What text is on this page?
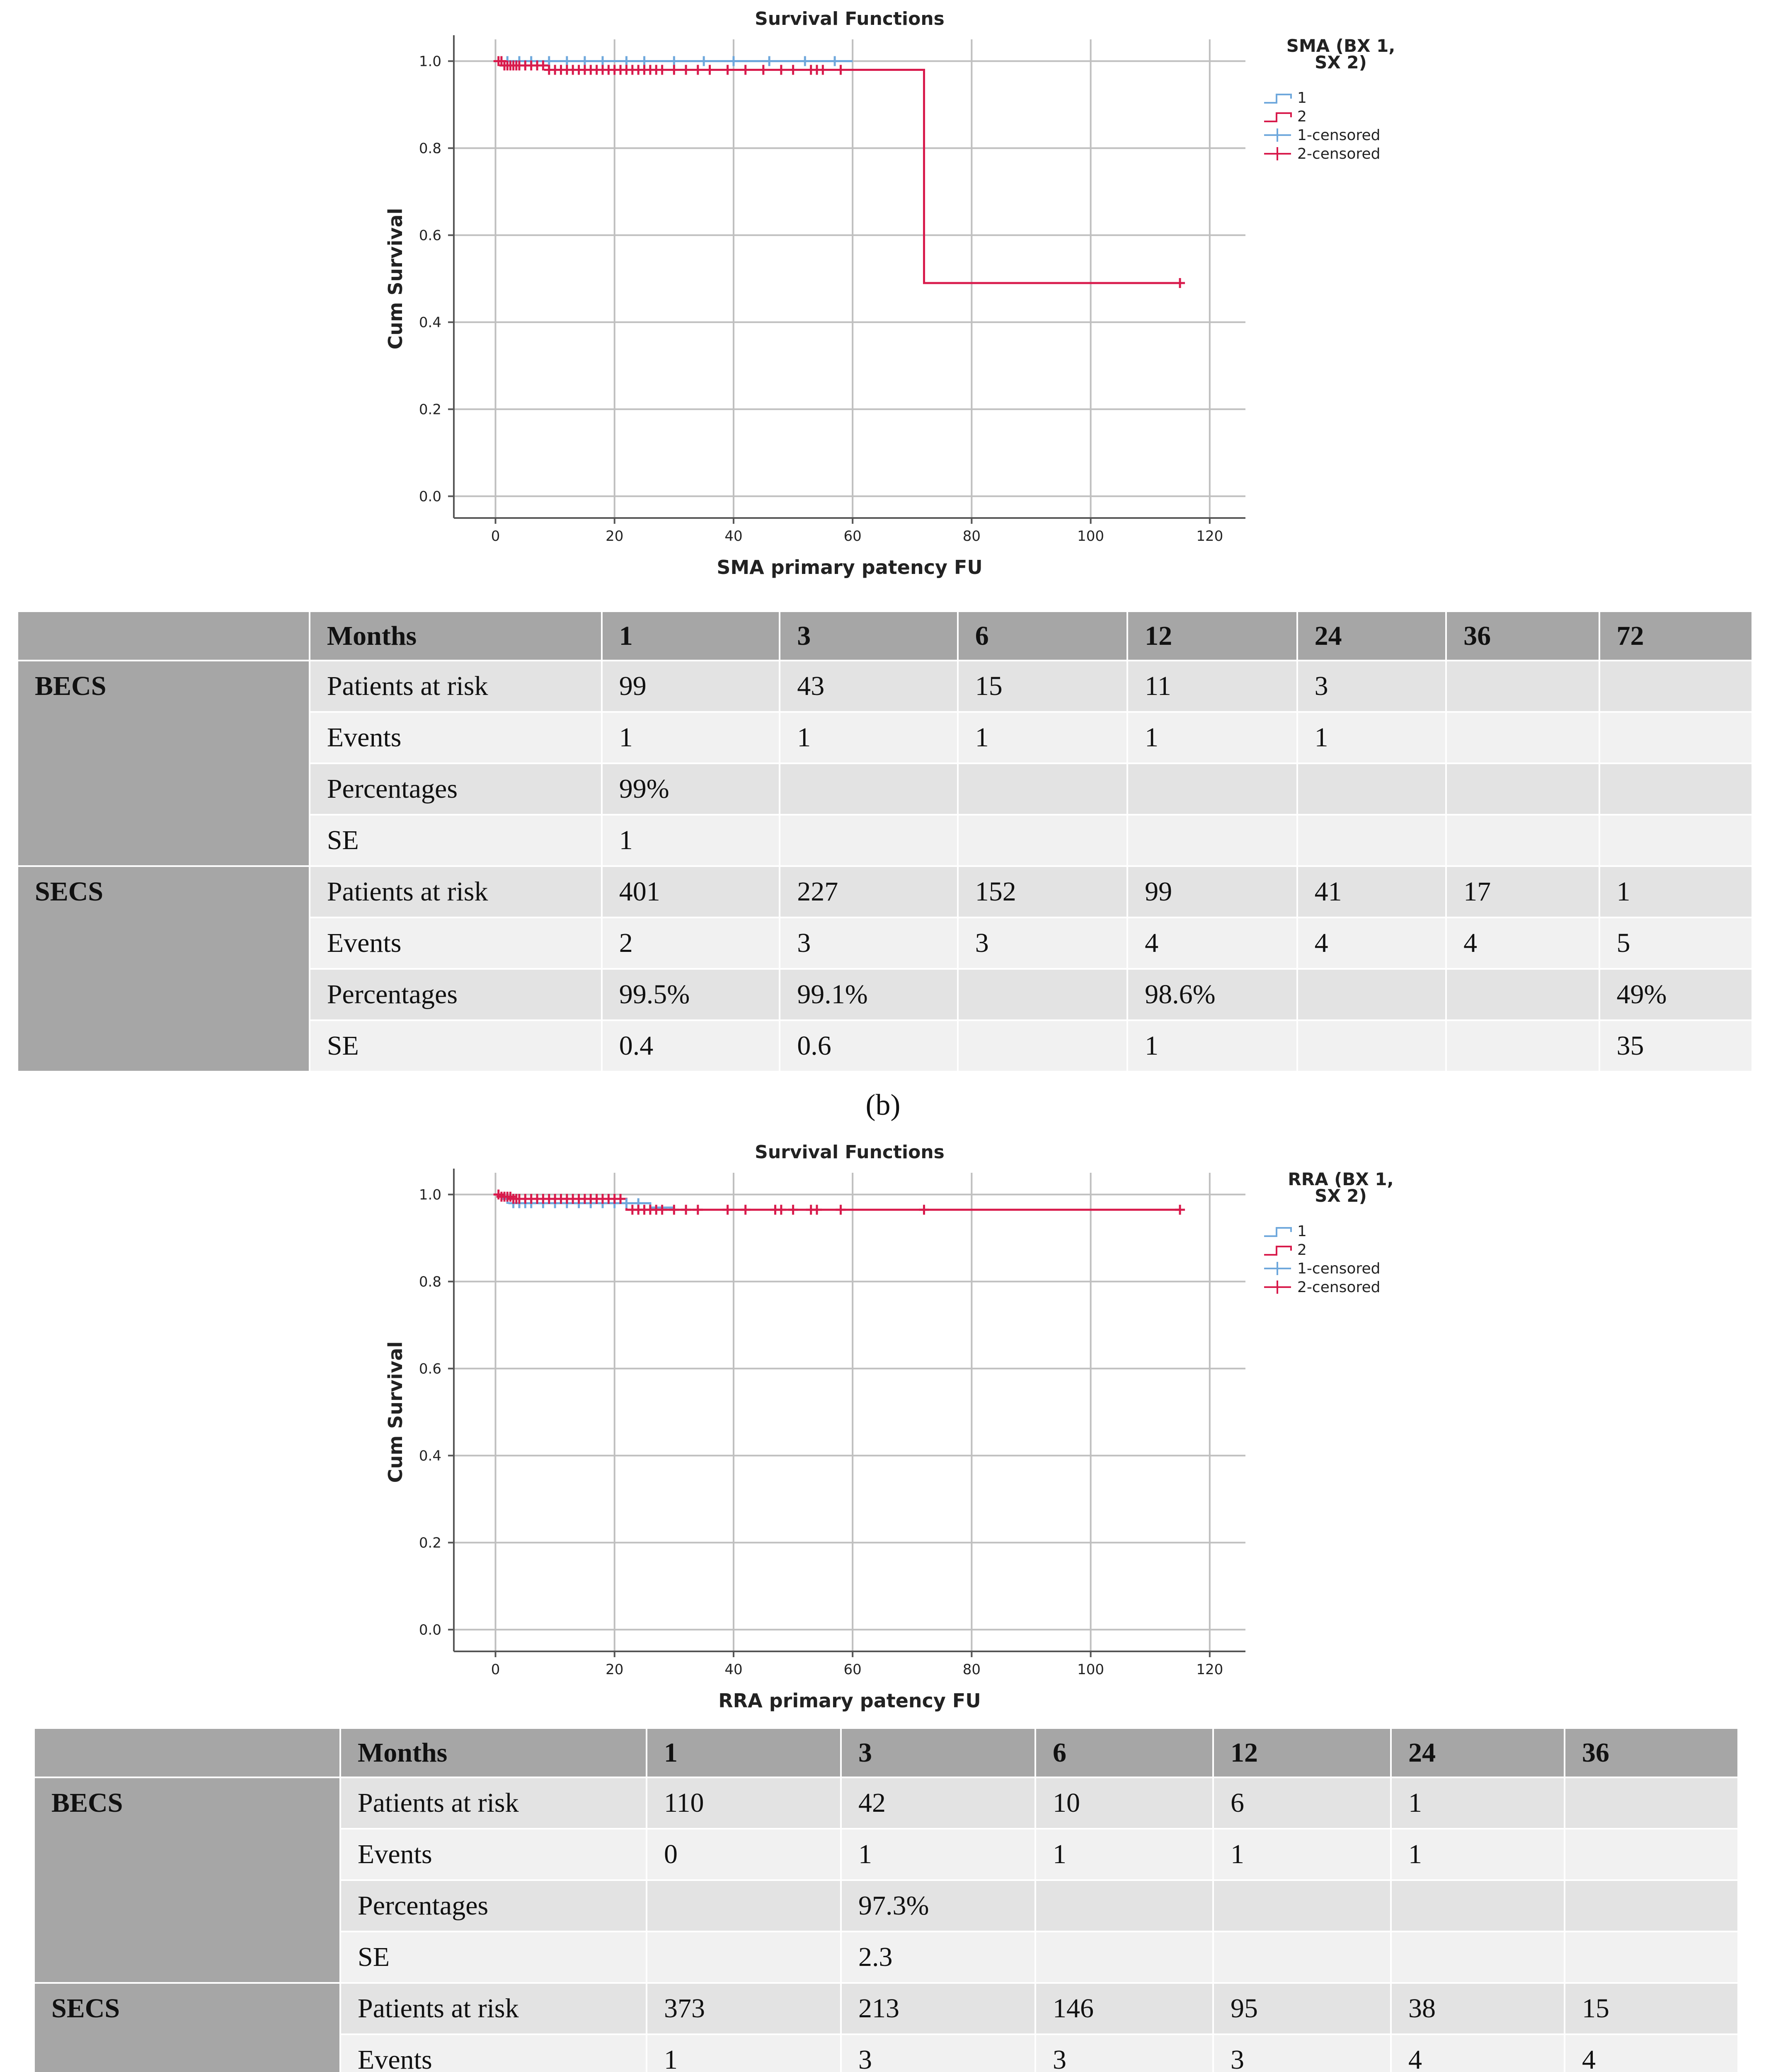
Survival Functions
0	20	40	60	80	100	120
0.0
0.2
0.4
0.6
0.8
1.0
SMA primary patency FU
Cum Survival
SMA (BX 1, SX 2)
1
2
1-censored
2-censored
	Months	1	3	6	12	24	36	72
BECS	Patients at risk	99	43	15	11	3		
	Events	1	1	1	1	1		
	Percentages	99%						
	SE	1						
SECS	Patients at risk	401	227	152	99	41	17	1
	Events	2	3	3	4	4	4	5
	Percentages	99.5%	99.1%		98.6%			49%
	SE	0.4	0.6		1			35
(b)
Survival Functions
0	20	40	60	80	100	120
0.0
0.2
0.4
0.6
0.8
1.0
RRA primary patency FU
Cum Survival
RRA (BX 1, SX 2)
1
2
1-censored
2-censored
	Months	1	3	6	12	24	36
BECS	Patients at risk	110	42	10	6	1	
	Events	0	1	1	1	1	
	Percentages		97.3%				
	SE		2.3				
SECS	Patients at risk	373	213	146	95	38	15
	Events	1	3	3	3	4	4
